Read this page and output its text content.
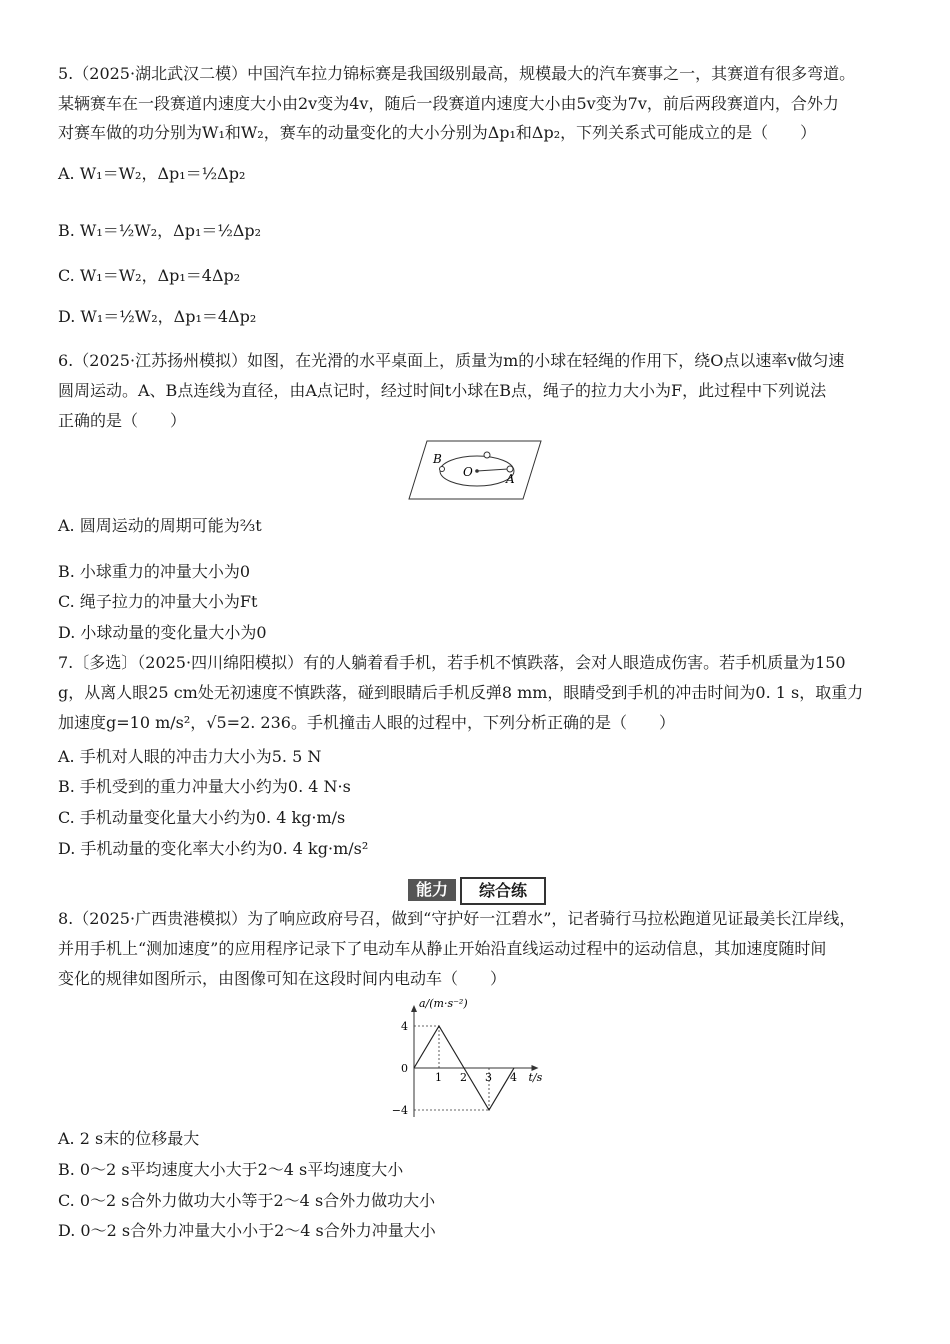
5.（2025·湖北武汉二模）中国汽车拉力锦标赛是我国级别最高，规模最大的汽车赛事之一，其赛道有很多弯道。
某辆赛车在一段赛道内速度大小由2v变为4v，随后一段赛道内速度大小由5v变为7v，前后两段赛道内，合外力
对赛车做的功分别为W₁和W₂，赛车的动量变化的大小分别为Δp₁和Δp₂，下列关系式可能成立的是（　　）
A. W₁＝W₂，Δp₁＝½Δp₂
B. W₁＝½W₂，Δp₁＝½Δp₂
C. W₁＝W₂，Δp₁＝4Δp₂
D. W₁＝½W₂，Δp₁＝4Δp₂
6.（2025·江苏扬州模拟）如图，在光滑的水平桌面上，质量为m的小球在轻绳的作用下，绕O点以速率v做匀速
圆周运动。A、B点连线为直径，由A点记时，经过时间t小球在B点，绳子的拉力大小为F，此过程中下列说法
正确的是（　　）
B
O	A
A. 圆周运动的周期可能为⅔t
B. 小球重力的冲量大小为0
C. 绳子拉力的冲量大小为Ft
D. 小球动量的变化量大小为0
7.〔多选〕（2025·四川绵阳模拟）有的人躺着看手机，若手机不慎跌落，会对人眼造成伤害。若手机质量为150
g，从离人眼25 cm处无初速度不慎跌落，碰到眼睛后手机反弹8 mm，眼睛受到手机的冲击时间为0. 1 s，取重力
加速度g=10 m/s²，√5=2. 236。手机撞击人眼的过程中，下列分析正确的是（　　）
A. 手机对人眼的冲击力大小为5. 5 N
B. 手机受到的重力冲量大小约为0. 4 N·s
C. 手机动量变化量大小约为0. 4 kg·m/s
D. 手机动量的变化率大小约为0. 4 kg·m/s²
能力	综合练
8.（2025·广西贵港模拟）为了响应政府号召，做到“守护好一江碧水”，记者骑行马拉松跑道见证最美长江岸线，
并用手机上“测加速度”的应用程序记录下了电动车从静止开始沿直线运动过程中的运动信息，其加速度随时间
变化的规律如图所示，由图像可知在这段时间内电动车（　　）
1 2 3 4
4
0
−4
a/(m·s⁻²)
t/s
A. 2 s末的位移最大
B. 0～2 s平均速度大小大于2～4 s平均速度大小
C. 0～2 s合外力做功大小等于2～4 s合外力做功大小
D. 0～2 s合外力冲量大小小于2～4 s合外力冲量大小
